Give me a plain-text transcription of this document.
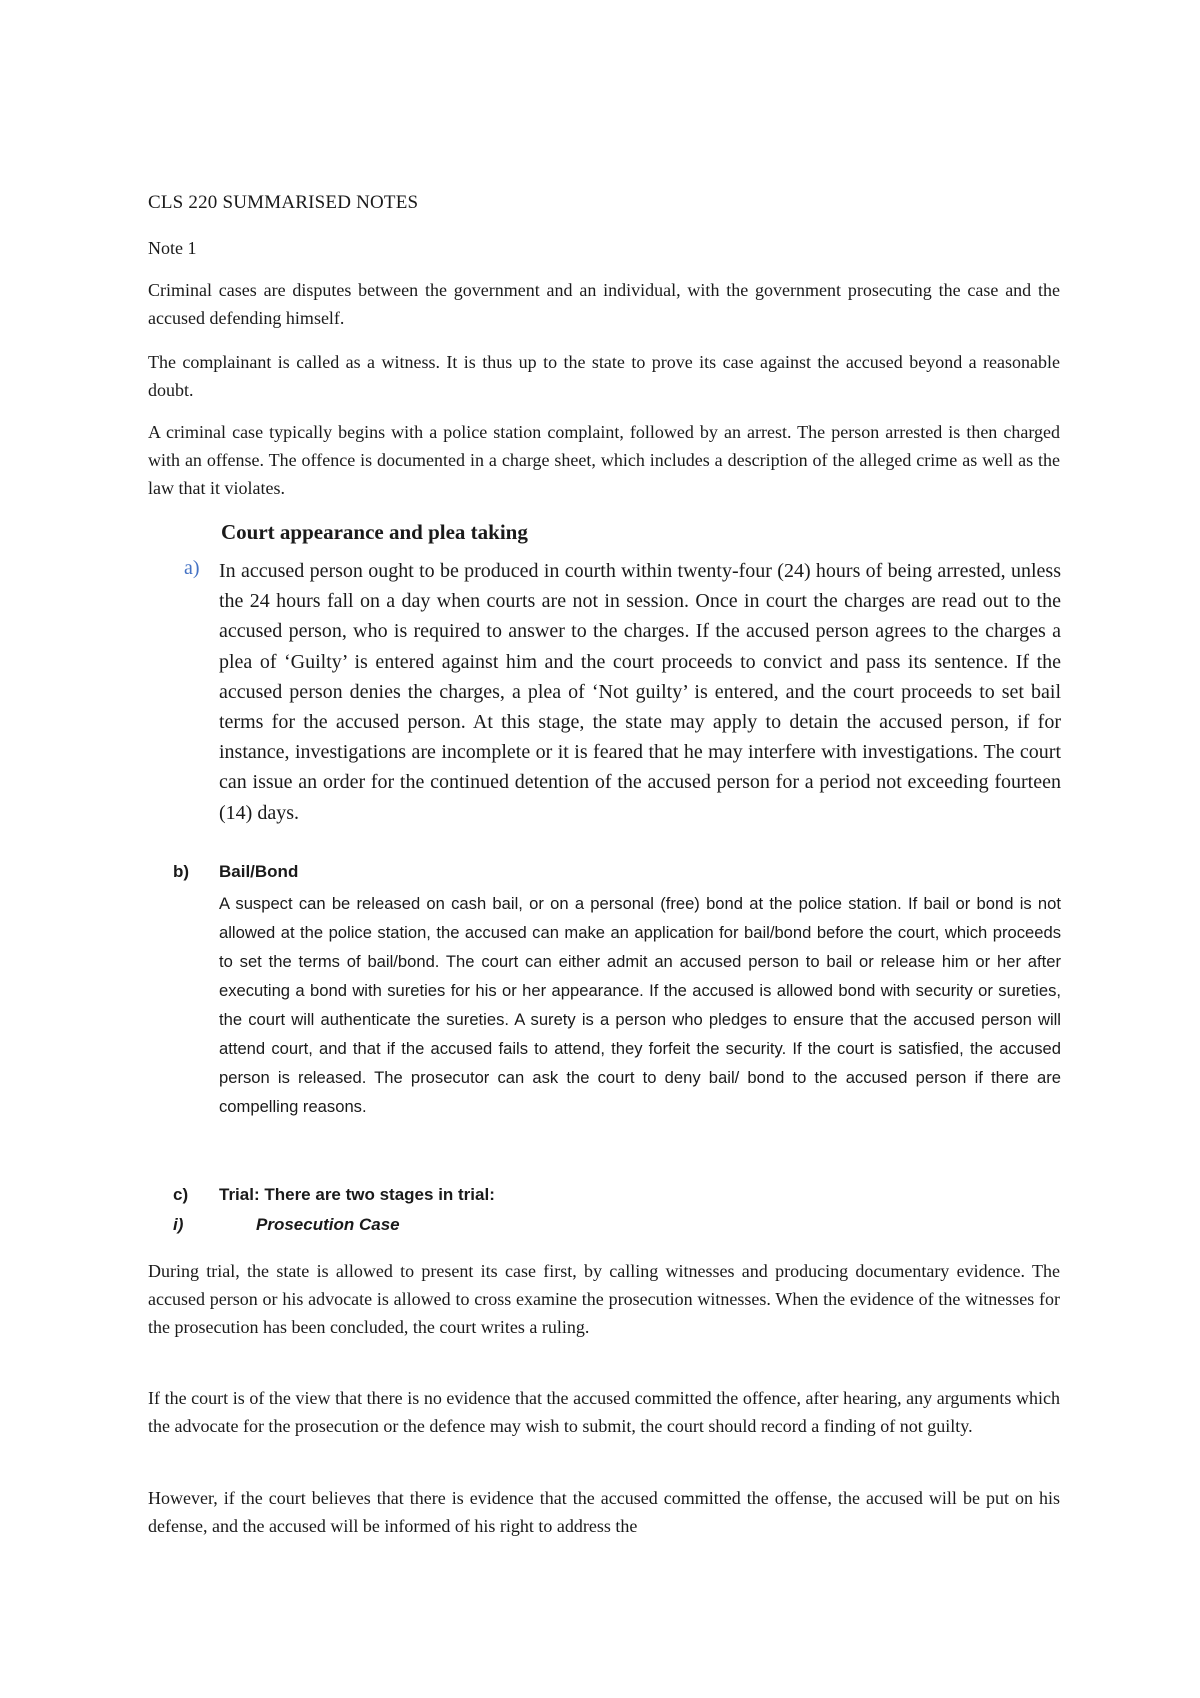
CLS 220 SUMMARISED NOTES

Note 1

Criminal cases are disputes between the government and an individual, with the government prosecuting the case and the accused defending himself.

The complainant is called as a witness. It is thus up to the state to prove its case against the accused beyond a reasonable doubt.

A criminal case typically begins with a police station complaint, followed by an arrest. The person arrested is then charged with an offense. The offence is documented in a charge sheet, which includes a description of the alleged crime as well as the law that it violates.

Court appearance and plea taking
a) In accused person ought to be produced in courth within twenty-four (24) hours of being arrested, unless the 24 hours fall on a day when courts are not in session. Once in court the charges are read out to the accused person, who is required to answer to the charges. If the accused person agrees to the charges a plea of ‘Guilty’ is entered against him and the court proceeds to convict and pass its sentence. If the accused person denies the charges, a plea of ‘Not guilty’ is entered, and the court proceeds to set bail terms for the accused person. At this stage, the state may apply to detain the accused person, if for instance, investigations are incomplete or it is feared that he may interfere with investigations. The court can issue an order for the continued detention of the accused person for a period not exceeding fourteen (14) days.

b) Bail/Bond

A suspect can be released on cash bail, or on a personal (free) bond at the police station. If bail or bond is not allowed at the police station, the accused can make an application for bail/bond before the court, which proceeds to set the terms of bail/bond. The court can either admit an accused person to bail or release him or her after executing a bond with sureties for his or her appearance. If the accused is allowed bond with security or sureties, the court will authenticate the sureties. A surety is a person who pledges to ensure that the accused person will attend court, and that if the accused fails to attend, they forfeit the security. If the court is satisfied, the accused person is released. The prosecutor can ask the court to deny bail/ bond to the accused person if there are compelling reasons.

c) Trial: There are two stages in trial:
i)	Prosecution Case

During trial, the state is allowed to present its case first, by calling witnesses and producing documentary evidence. The accused person or his advocate is allowed to cross examine the prosecution witnesses. When the evidence of the witnesses for the prosecution has been concluded, the court writes a ruling.

If the court is of the view that there is no evidence that the accused committed the offence, after hearing, any arguments which the advocate for the prosecution or the defence may wish to submit, the court should record a finding of not guilty.

However, if the court believes that there is evidence that the accused committed the offense, the accused will be put on his defense, and the accused will be informed of his right to address the
